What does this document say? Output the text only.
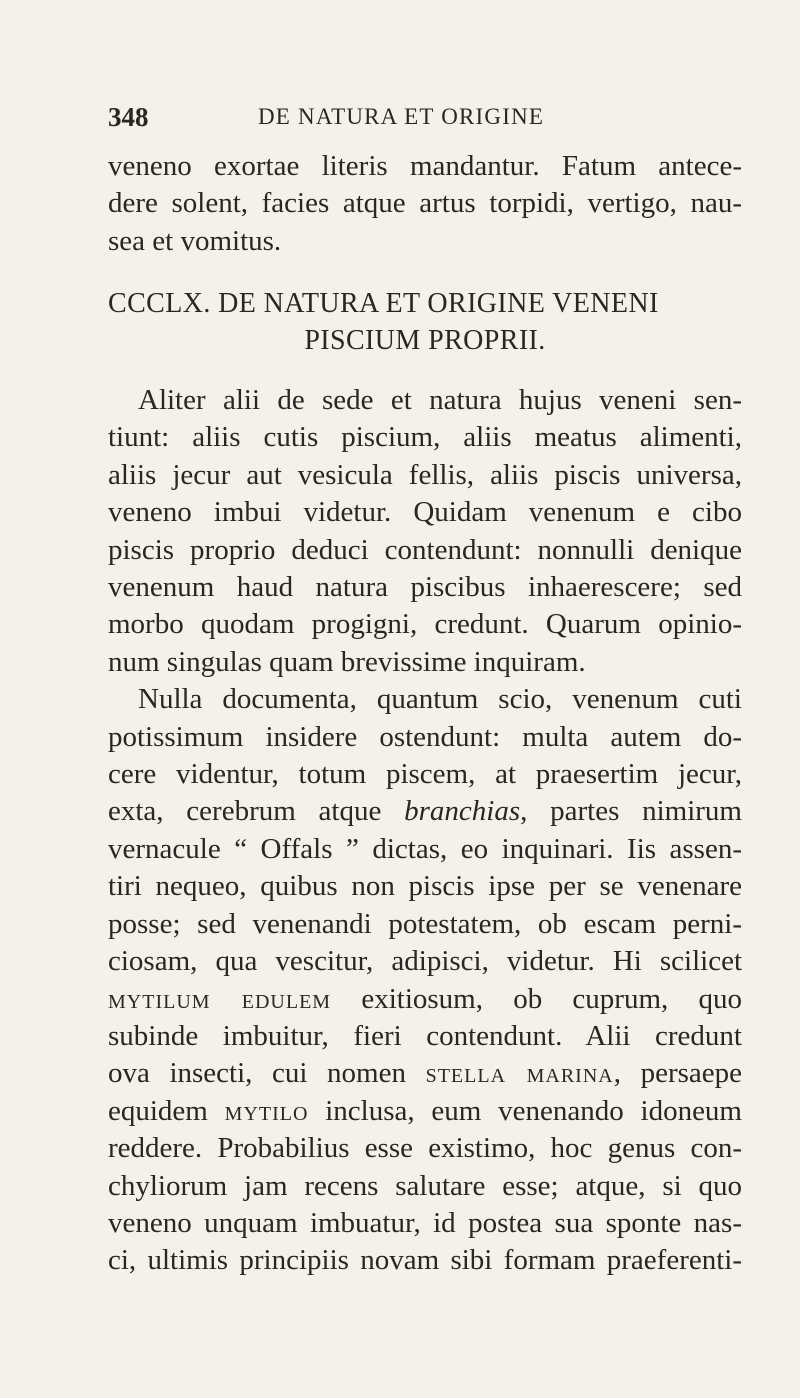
348	DE NATURA ET ORIGINE
veneno exortae literis mandantur. Fatum antece-
dere solent, facies atque artus torpidi, vertigo, nau-
sea et vomitus.
CCCLX. DE NATURA ET ORIGINE VENENI
PISCIUM PROPRII.
Aliter alii de sede et natura hujus veneni sen-
tiunt: aliis cutis piscium, aliis meatus alimenti,
aliis jecur aut vesicula fellis, aliis piscis universa,
veneno imbui videtur. Quidam venenum e cibo
piscis proprio deduci contendunt: nonnulli denique
venenum haud natura piscibus inhaerescere; sed
morbo quodam progigni, credunt. Quarum opinio-
num singulas quam brevissime inquiram.
Nulla documenta, quantum scio, venenum cuti
potissimum insidere ostendunt: multa autem do-
cere videntur, totum piscem, at praesertim jecur,
exta, cerebrum atque branchias, partes nimirum
vernacule “ Offals ” dictas, eo inquinari. Iis assen-
tiri nequeo, quibus non piscis ipse per se venenare
posse; sed venenandi potestatem, ob escam perni-
ciosam, qua vescitur, adipisci, videtur. Hi scilicet
mytilum edulem exitiosum, ob cuprum, quo
subinde imbuitur, fieri contendunt. Alii credunt
ova insecti, cui nomen stella marina, persaepe
equidem mytilo inclusa, eum venenando idoneum
reddere. Probabilius esse existimo, hoc genus con-
chyliorum jam recens salutare esse; atque, si quo
veneno unquam imbuatur, id postea sua sponte nas-
ci, ultimis principiis novam sibi formam praeferenti-
